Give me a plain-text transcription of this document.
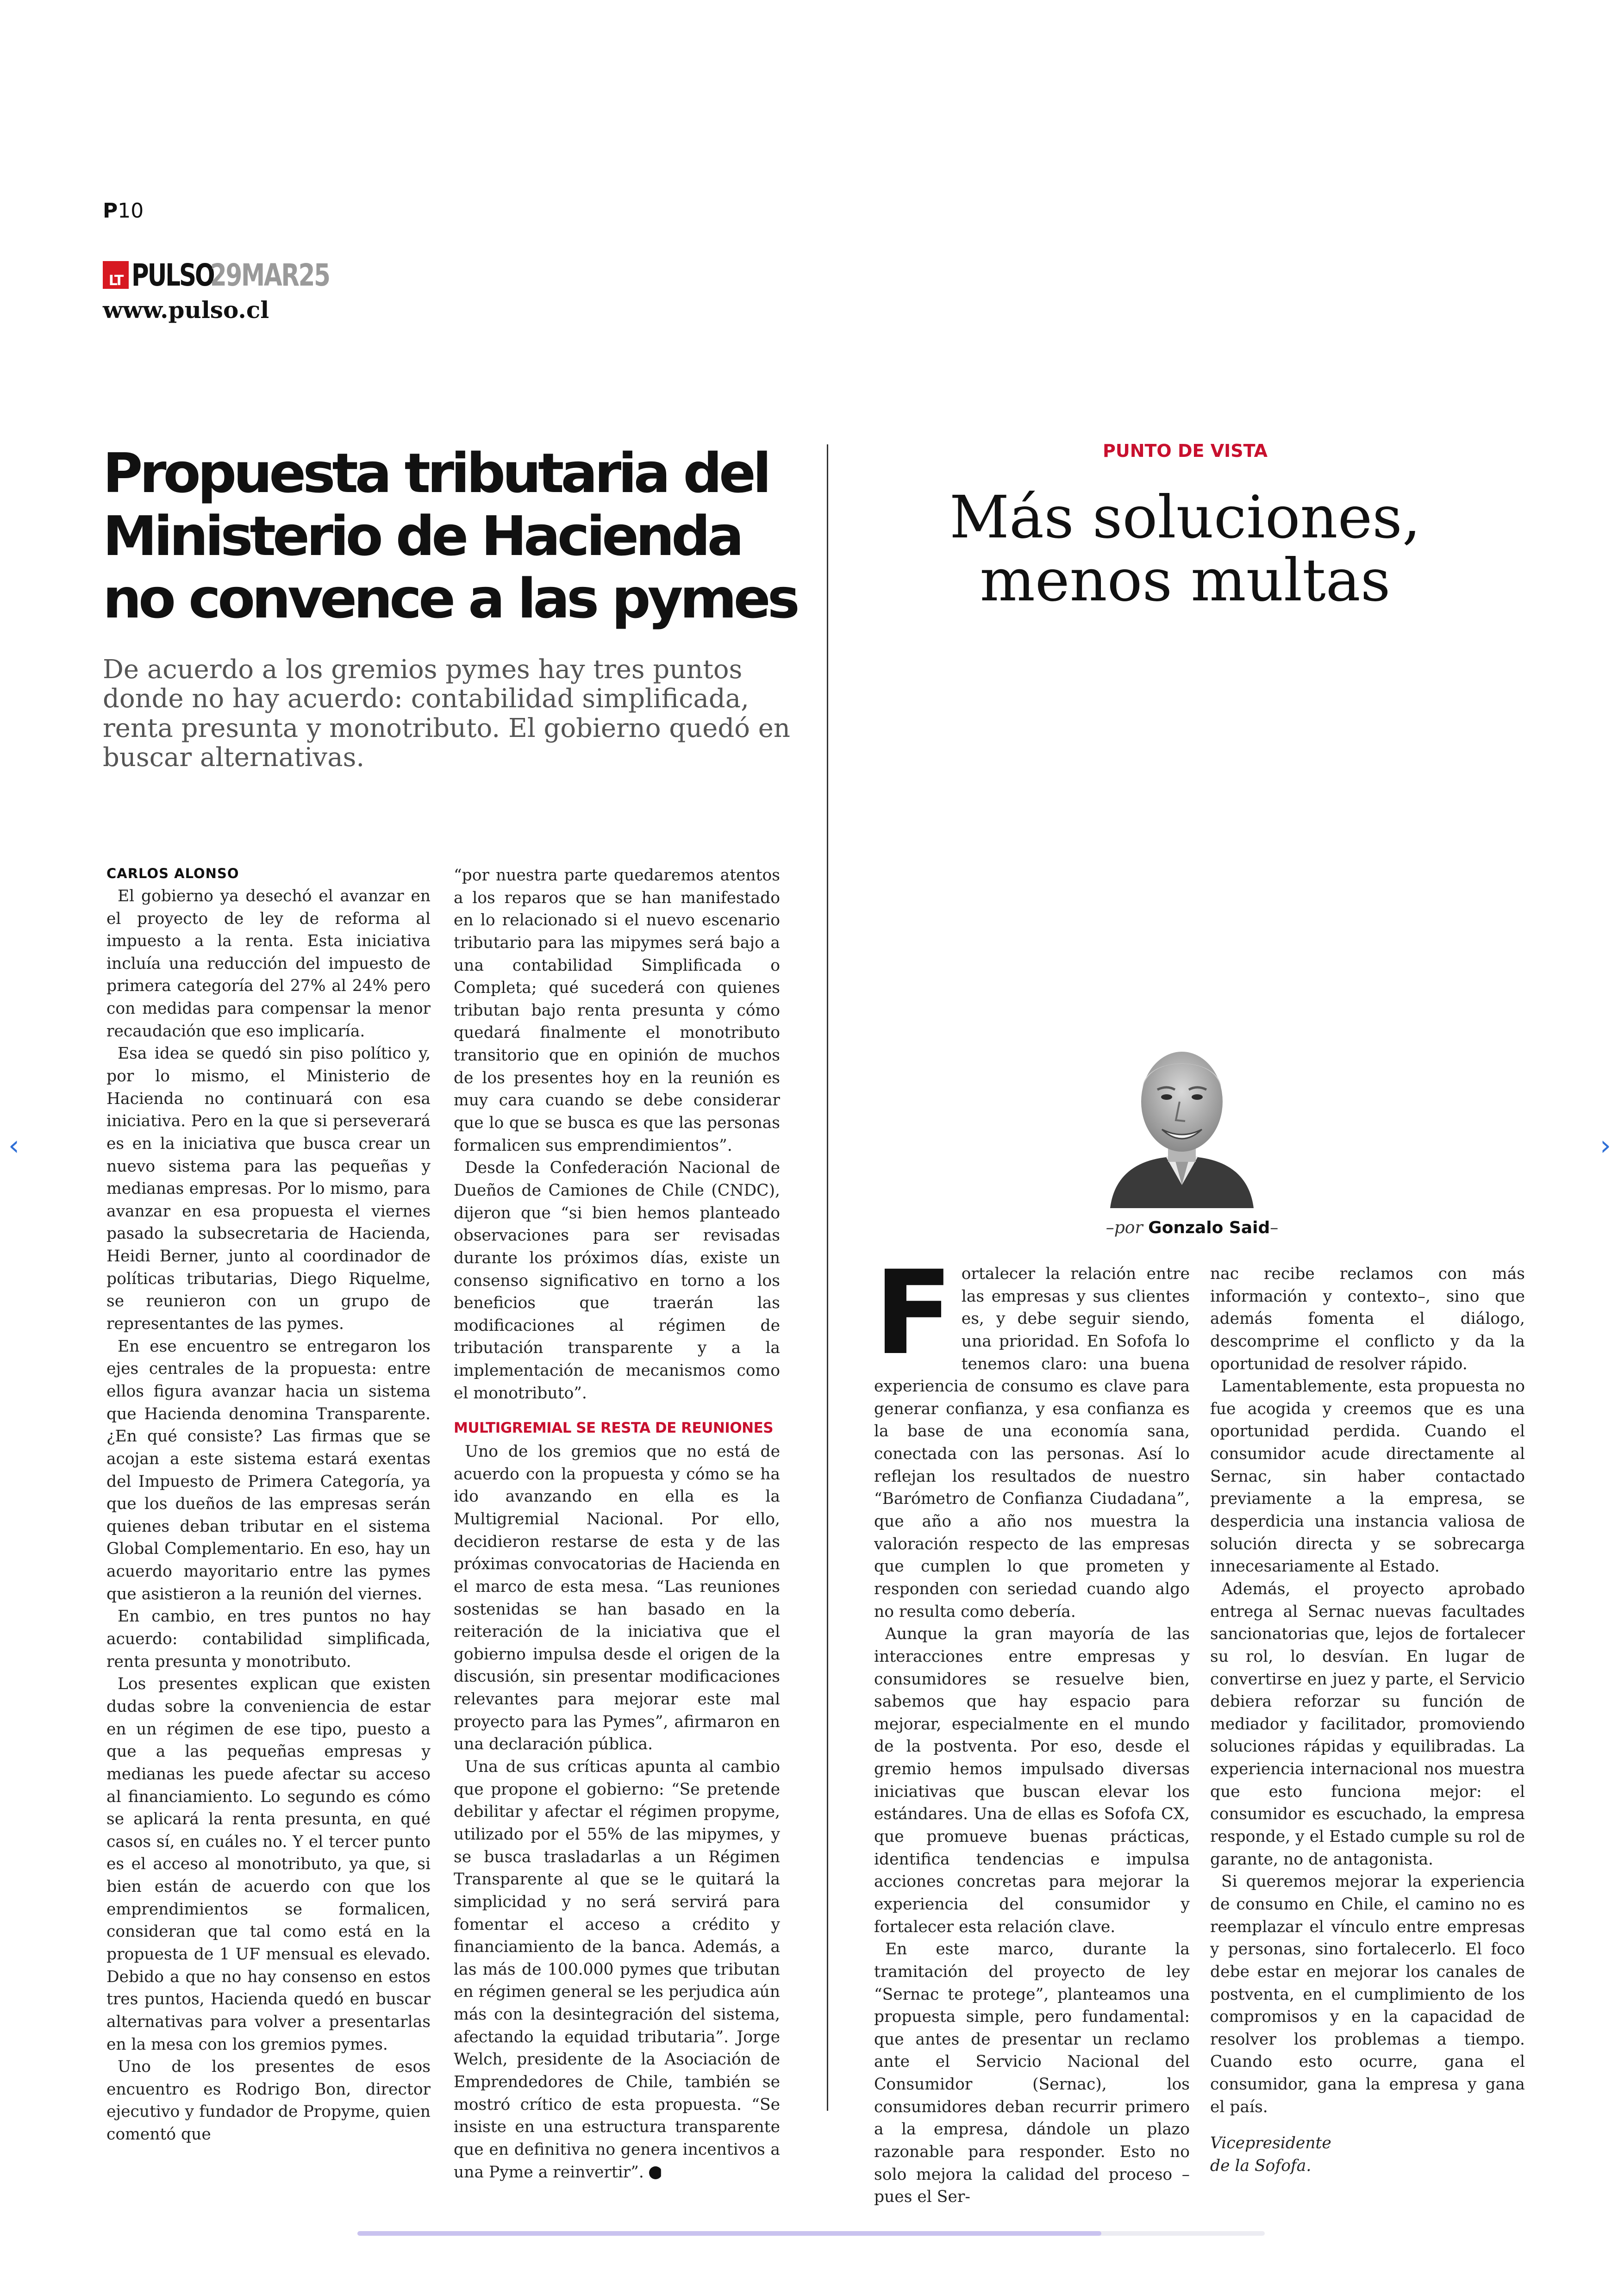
P10
LT PULSO
29MAR25
www.pulso.cl
Propuesta tributaria del Ministerio de Hacienda no convence a las pymes

De acuerdo a los gremios pymes hay tres puntos donde no hay acuerdo: contabilidad simplificada, renta presunta y monotributo. El gobierno quedó en buscar alternativas.

CARLOS ALONSO

El gobierno ya desechó el avanzar en el proyecto de ley de reforma al impuesto a la renta. Esta iniciativa incluía una reducción del impuesto de primera categoría del 27% al 24% pero con medidas para compensar la menor recaudación que eso implicaría.

Esa idea se quedó sin piso político y, por lo mismo, el Ministerio de Hacienda no continuará con esa iniciativa. Pero en la que si perseverará es en la iniciativa que busca crear un nuevo sistema para las pequeñas y medianas empresas. Por lo mismo, para avanzar en esa propuesta el viernes pasado la subsecretaria de Hacienda, Heidi Berner, junto al coordinador de políticas tributarias, Diego Riquelme, se reunieron con un grupo de representantes de las pymes.

En ese encuentro se entregaron los ejes centrales de la propuesta: entre ellos figura avanzar hacia un sistema que Hacienda denomina Transparente. ¿En qué consiste? Las firmas que se acojan a este sistema estará exentas del Impuesto de Primera Categoría, ya que los dueños de las empresas serán quienes deban tributar en el sistema Global Complementario. En eso, hay un acuerdo mayoritario entre las pymes que asistieron a la reunión del viernes.

En cambio, en tres puntos no hay acuerdo: contabilidad simplificada, renta presunta y monotributo.

Los presentes explican que existen dudas sobre la conveniencia de estar en un régimen de ese tipo, puesto a que a las pequeñas empresas y medianas les puede afectar su acceso al financiamiento. Lo segundo es cómo se aplicará la renta presunta, en qué casos sí, en cuáles no. Y el tercer punto es el acceso al monotributo, ya que, si bien están de acuerdo con que los emprendimientos se formalicen, consideran que tal como está en la propuesta de 1 UF mensual es elevado. Debido a que no hay consenso en estos tres puntos, Hacienda quedó en buscar alternativas para volver a presentarlas en la mesa con los gremios pymes.

Uno de los presentes de esos encuentro es Rodrigo Bon, director ejecutivo y fundador de Propyme, quien comentó que

“por nuestra parte quedaremos atentos a los reparos que se han manifestado en lo relacionado si el nuevo escenario tributario para las mipymes será bajo a una contabilidad Simplificada o Completa; qué sucederá con quienes tributan bajo renta presunta y cómo quedará finalmente el monotributo transitorio que en opinión de muchos de los presentes hoy en la reunión es muy cara cuando se debe considerar que lo que se busca es que las personas formalicen sus emprendimientos”.

Desde la Confederación Nacional de Dueños de Camiones de Chile (CNDC), dijeron que “si bien hemos planteado observaciones para ser revisadas durante los próximos días, existe un consenso significativo en torno a los beneficios que traerán las modificaciones al régimen de tributación transparente y a la implementación de mecanismos como el monotributo”.

MULTIGREMIAL SE RESTA DE REUNIONES

Uno de los gremios que no está de acuerdo con la propuesta y cómo se ha ido avanzando en ella es la Multigremial Nacional. Por ello, decidieron restarse de esta y de las próximas convocatorias de Hacienda en el marco de esta mesa. “Las reuniones sostenidas se han basado en la reiteración de la iniciativa que el gobierno impulsa desde el origen de la discusión, sin presentar modificaciones relevantes para mejorar este mal proyecto para las Pymes”, afirmaron en una declaración pública.

Una de sus críticas apunta al cambio que propone el gobierno: “Se pretende debilitar y afectar el régimen propyme, utilizado por el 55% de las mipymes, y se busca trasladarlas a un Régimen Transparente al que se le quitará la simplicidad y no será servirá para fomentar el acceso a crédito y financiamiento de la banca. Además, a las más de 100.000 pymes que tributan en régimen general se les perjudica aún más con la desintegración del sistema, afectando la equidad tributaria”. Jorge Welch, presidente de la Asociación de Emprendedores de Chile, también se mostró crítico de esta propuesta. “Se insiste en una estructura transparente que en definitiva no genera incentivos a una Pyme a reinvertir”. P

PUNTO DE VISTA
Más soluciones,
menos multas
–por Gonzalo Said–

Fortalecer la relación entre las empresas y sus clientes es, y debe seguir siendo, una prioridad. En Sofofa lo tenemos claro: una buena experiencia de consumo es clave para generar confianza, y esa confianza es la base de una economía sana, conectada con las personas. Así lo reflejan los resultados de nuestro “Barómetro de Confianza Ciudadana”, que año a año nos muestra la valoración respecto de las empresas que cumplen lo que prometen y responden con seriedad cuando algo no resulta como debería.

Aunque la gran mayoría de las interacciones entre empresas y consumidores se resuelve bien, sabemos que hay espacio para mejorar, especialmente en el mundo de la postventa. Por eso, desde el gremio hemos impulsado diversas iniciativas que buscan elevar los estándares. Una de ellas es Sofofa CX, que promueve buenas prácticas, identifica tendencias e impulsa acciones concretas para mejorar la experiencia del consumidor y fortalecer esta relación clave.

En este marco, durante la tramitación del proyecto de ley “Sernac te protege”, planteamos una propuesta simple, pero fundamental: que antes de presentar un reclamo ante el Servicio Nacional del Consumidor (Sernac), los consumidores deban recurrir primero a la empresa, dándole un plazo razonable para responder. Esto no solo mejora la calidad del proceso –pues el Ser-

nac recibe reclamos con más información y contexto–, sino que además fomenta el diálogo, descomprime el conflicto y da la oportunidad de resolver rápido.

Lamentablemente, esta propuesta no fue acogida y creemos que es una oportunidad perdida. Cuando el consumidor acude directamente al Sernac, sin haber contactado previamente a la empresa, se desperdicia una instancia valiosa de solución directa y se sobrecarga innecesariamente al Estado.

Además, el proyecto aprobado entrega al Sernac nuevas facultades sancionatorias que, lejos de fortalecer su rol, lo desvían. En lugar de convertirse en juez y parte, el Servicio debiera reforzar su función de mediador y facilitador, promoviendo soluciones rápidas y equilibradas. La experiencia internacional nos muestra que esto funciona mejor: el consumidor es escuchado, la empresa responde, y el Estado cumple su rol de garante, no de antagonista.

Si queremos mejorar la experiencia de consumo en Chile, el camino no es reemplazar el vínculo entre empresas y personas, sino fortalecerlo. El foco debe estar en mejorar los canales de postventa, en el cumplimiento de los compromisos y en la capacidad de resolver los problemas a tiempo. Cuando esto ocurre, gana el consumidor, gana la empresa y gana el país.

Vicepresidente
de la Sofofa.

‹	›
